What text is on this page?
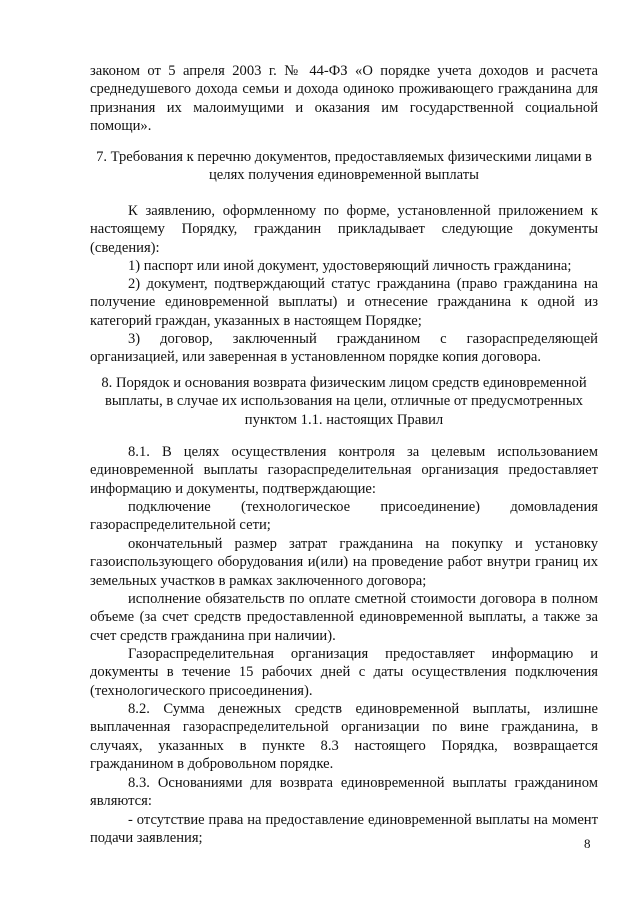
законом от 5 апреля 2003 г. № 44-ФЗ «О порядке учета доходов и расчета среднедушевого дохода семьи и дохода одиноко проживающего гражданина для признания их малоимущими и оказания им государственной социальной помощи».

7. Требования к перечню документов, предоставляемых физическими лицами в целях получения единовременной выплаты

К заявлению, оформленному по форме, установленной приложением к настоящему Порядку, гражданин прикладывает следующие документы (сведения):

1) паспорт или иной документ, удостоверяющий личность гражданина;

2) документ, подтверждающий статус гражданина (право гражданина на получение единовременной выплаты) и отнесение гражданина к одной из категорий граждан, указанных в настоящем Порядке;

3) договор, заключенный гражданином с газораспределяющей организацией, или заверенная в установленном порядке копия договора.

8. Порядок и основания возврата физическим лицом средств единовременной выплаты, в случае их использования на цели, отличные от предусмотренных пунктом 1.1. настоящих Правил

8.1. В целях осуществления контроля за целевым использованием единовременной выплаты газораспределительная организация предоставляет информацию и документы, подтверждающие:

подключение (технологическое присоединение) домовладения газораспределительной сети;

окончательный размер затрат гражданина на покупку и установку газоиспользующего оборудования и(или) на проведение работ внутри границ их земельных участков в рамках заключенного договора;

исполнение обязательств по оплате сметной стоимости договора в полном объеме (за счет средств предоставленной единовременной выплаты, а также за счет средств гражданина при наличии).

Газораспределительная организация предоставляет информацию и документы в течение 15 рабочих дней с даты осуществления подключения (технологического присоединения).

8.2. Сумма денежных средств единовременной выплаты, излишне выплаченная газораспределительной организации по вине гражданина, в случаях, указанных в пункте 8.3 настоящего Порядка, возвращается гражданином в добровольном порядке.

8.3. Основаниями для возврата единовременной выплаты гражданином являются:

- отсутствие права на предоставление единовременной выплаты на момент подачи заявления;	8
